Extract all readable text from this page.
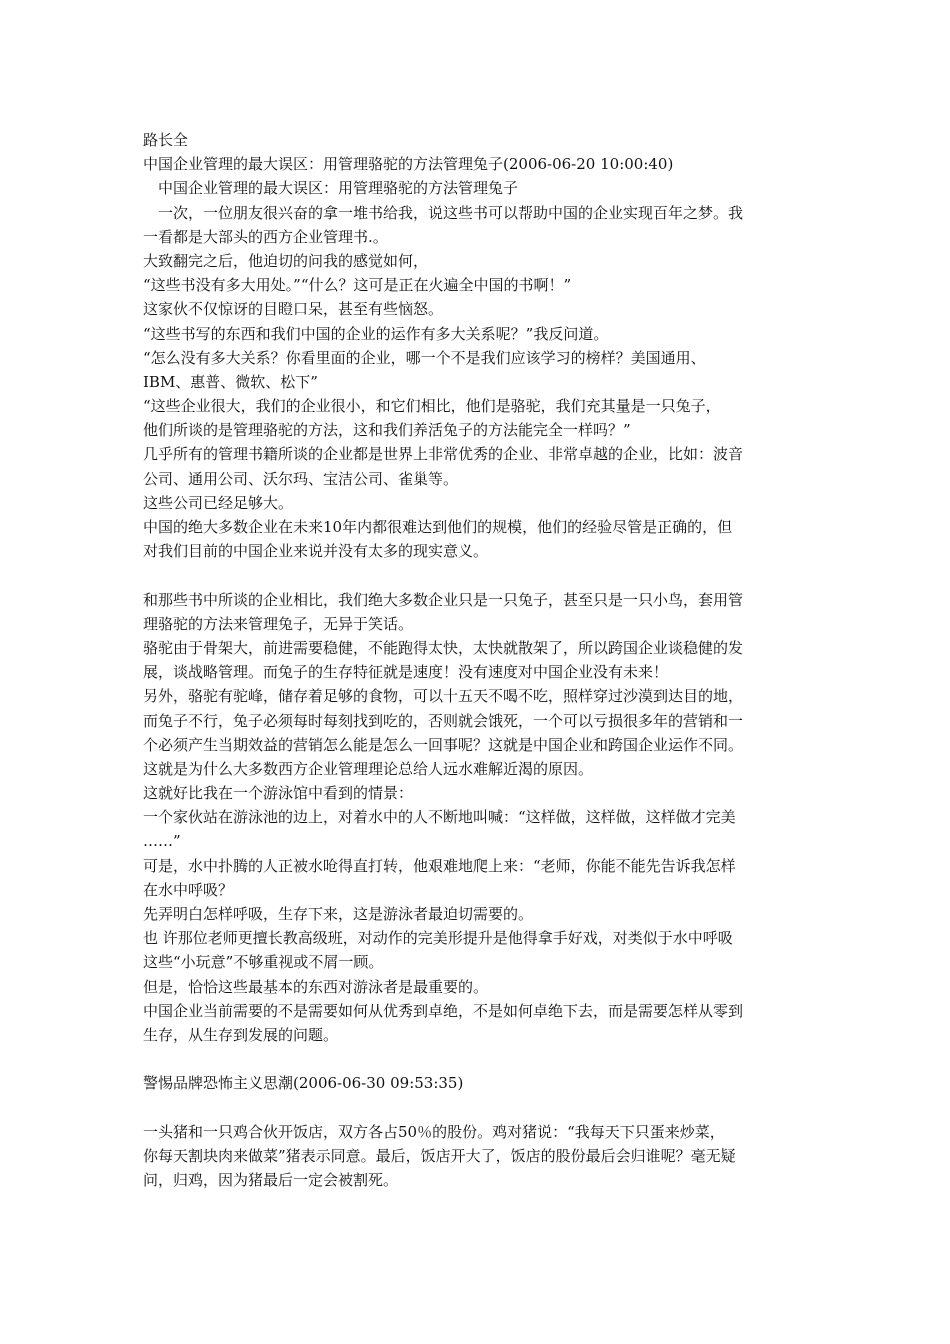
路长全
中国企业管理的最大误区：用管理骆驼的方法管理兔子(2006-06-20 10:00:40)
　中国企业管理的最大误区：用管理骆驼的方法管理兔子
　一次，一位朋友很兴奋的拿一堆书给我，说这些书可以帮助中国的企业实现百年之梦。我
一看都是大部头的西方企业管理书.。
大致翻完之后，他迫切的问我的感觉如何，
“这些书没有多大用处。”“什么？这可是正在火遍全中国的书啊！”
这家伙不仅惊讶的目瞪口呆，甚至有些恼怒。
“这些书写的东西和我们中国的企业的运作有多大关系呢？”我反问道。
“怎么没有多大关系？你看里面的企业，哪一个不是我们应该学习的榜样？美国通用、
IBM、惠普、微软、松下”
“这些企业很大，我们的企业很小，和它们相比，他们是骆驼，我们充其量是一只兔子，
他们所谈的是管理骆驼的方法，这和我们养活兔子的方法能完全一样吗？”
几乎所有的管理书籍所谈的企业都是世界上非常优秀的企业、非常卓越的企业，比如：波音
公司、通用公司、沃尔玛、宝洁公司、雀巢等。
这些公司已经足够大。
中国的绝大多数企业在未来10年内都很难达到他们的规模，他们的经验尽管是正确的，但
对我们目前的中国企业来说并没有太多的现实意义。
和那些书中所谈的企业相比，我们绝大多数企业只是一只兔子，甚至只是一只小鸟，套用管
理骆驼的方法来管理兔子，无异于笑话。
骆驼由于骨架大，前进需要稳健，不能跑得太快，太快就散架了，所以跨国企业谈稳健的发
展，谈战略管理。而兔子的生存特征就是速度！没有速度对中国企业没有未来！
另外，骆驼有驼峰，储存着足够的食物，可以十五天不喝不吃，照样穿过沙漠到达目的地，
而兔子不行，兔子必须每时每刻找到吃的，否则就会饿死，一个可以亏损很多年的营销和一
个必须产生当期效益的营销怎么能是怎么一回事呢？这就是中国企业和跨国企业运作不同。
这就是为什么大多数西方企业管理理论总给人远水难解近渴的原因。
这就好比我在一个游泳馆中看到的情景：
一个家伙站在游泳池的边上，对着水中的人不断地叫喊：“这样做，这样做，这样做才完美
……”
可是，水中扑腾的人正被水呛得直打转，他艰难地爬上来：“老师，你能不能先告诉我怎样
在水中呼吸？
先弄明白怎样呼吸，生存下来，这是游泳者最迫切需要的。
也 许那位老师更擅长教高级班，对动作的完美形提升是他得拿手好戏，对类似于水中呼吸
这些“小玩意”不够重视或不屑一顾。
但是，恰恰这些最基本的东西对游泳者是最重要的。
中国企业当前需要的不是需要如何从优秀到卓绝，不是如何卓绝下去，而是需要怎样从零到
生存，从生存到发展的问题。
警惕品牌恐怖主义思潮(2006-06-30 09:53:35)
一头猪和一只鸡合伙开饭店，双方各占50％的股份。鸡对猪说：“我每天下只蛋来炒菜，
你每天割块肉来做菜”猪表示同意。最后，饭店开大了，饭店的股份最后会归谁呢？毫无疑
问，归鸡，因为猪最后一定会被割死。
